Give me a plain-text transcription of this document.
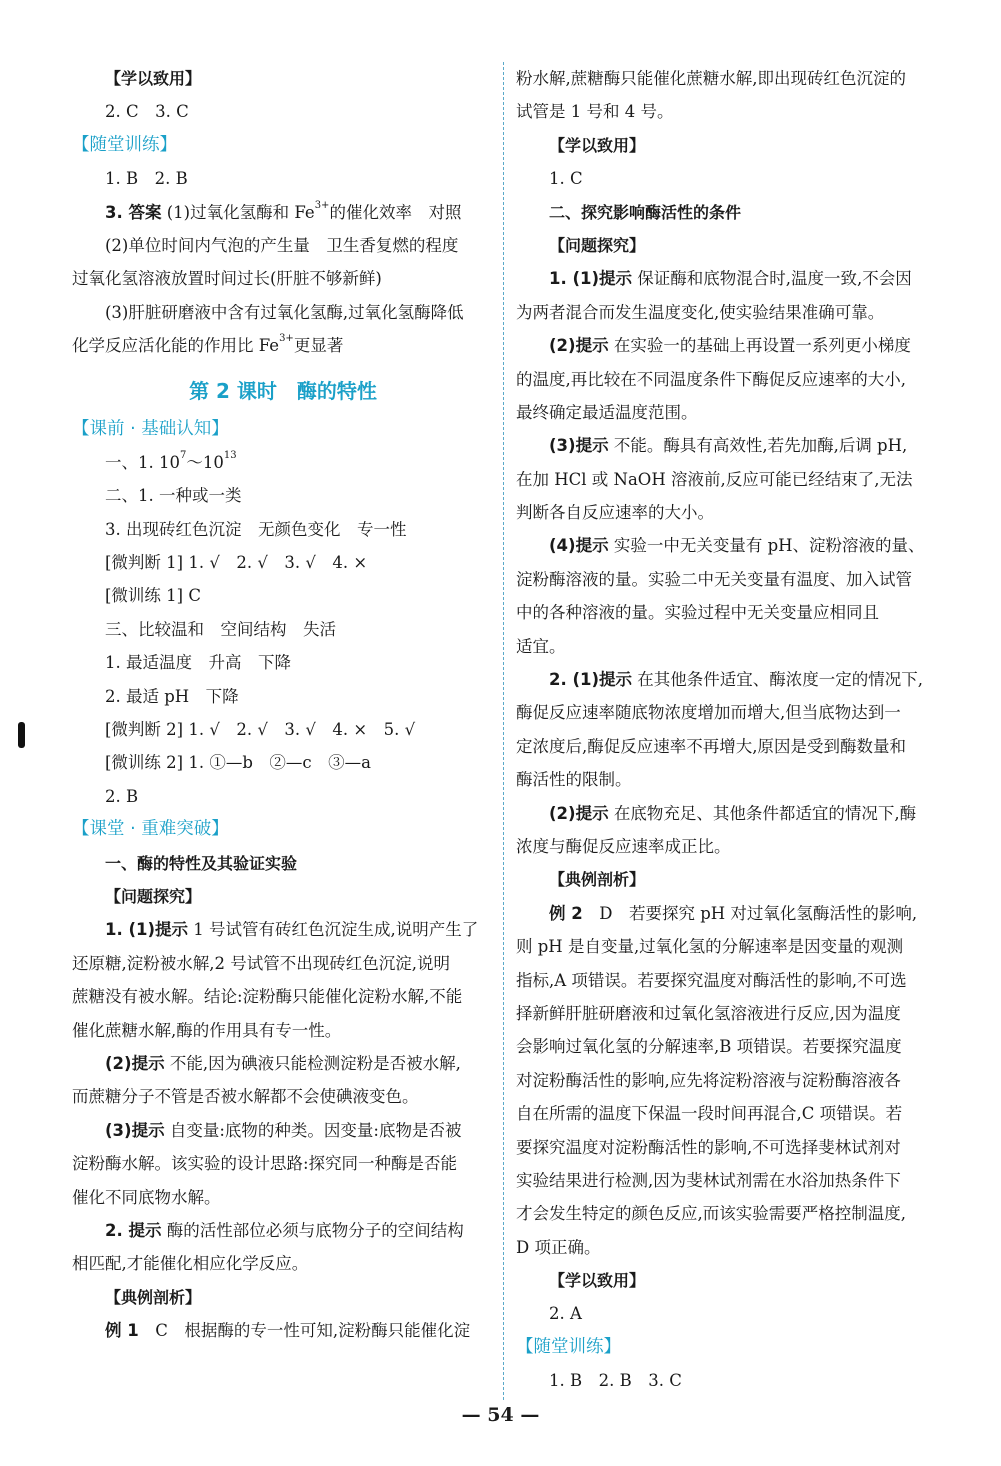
【学以致用】
2. C　3. C
【随堂训练】
1. B　2. B
3. 答案 (1)过氧化氢酶和 $Fe^{3+}$的催化效率　对照
(2)单位时间内气泡的产生量　卫生香复燃的程度
过氧化氢溶液放置时间过长(肝脏不够新鲜)
(3)肝脏研磨液中含有过氧化氢酶,过氧化氢酶降低
化学反应活化能的作用比 $Fe^{3+}$更显著
第 2 课时　酶的特性
【课前 · 基础认知】
一、1. $10^7\sim 10^{13}$
二、1. 一种或一类
3. 出现砖红色沉淀　无颜色变化　专一性
[微判断 1] 1. √　2. √　3. √　4. ×
[微训练 1] C
三、比较温和　空间结构　失活
1. 最适温度　升高　下降
2. 最适 pH　下降
[微判断 2] 1. √　2. √　3. √　4. ×　5. √
[微训练 2] 1. ①—b　②—c　③—a
2. B
【课堂 · 重难突破】
一、酶的特性及其验证实验
【问题探究】
1. (1)提示 1 号试管有砖红色沉淀生成,说明产生了
还原糖,淀粉被水解,2 号试管不出现砖红色沉淀,说明
蔗糖没有被水解。结论:淀粉酶只能催化淀粉水解,不能
催化蔗糖水解,酶的作用具有专一性。
(2)提示 不能,因为碘液只能检测淀粉是否被水解,
而蔗糖分子不管是否被水解都不会使碘液变色。
(3)提示 自变量:底物的种类。因变量:底物是否被
淀粉酶水解。该实验的设计思路:探究同一种酶是否能
催化不同底物水解。
2. 提示 酶的活性部位必须与底物分子的空间结构
相匹配,才能催化相应化学反应。
【典例剖析】
例 1　C　根据酶的专一性可知,淀粉酶只能催化淀
粉水解,蔗糖酶只能催化蔗糖水解,即出现砖红色沉淀的
试管是 1 号和 4 号。
【学以致用】
1. C
二、探究影响酶活性的条件
【问题探究】
1. (1)提示 保证酶和底物混合时,温度一致,不会因
为两者混合而发生温度变化,使实验结果准确可靠。
(2)提示 在实验一的基础上再设置一系列更小梯度
的温度,再比较在不同温度条件下酶促反应速率的大小,
最终确定最适温度范围。
(3)提示 不能。酶具有高效性,若先加酶,后调 pH,
在加 HCl 或 NaOH 溶液前,反应可能已经结束了,无法
判断各自反应速率的大小。
(4)提示 实验一中无关变量有 pH、淀粉溶液的量、
淀粉酶溶液的量。实验二中无关变量有温度、加入试管
中的各种溶液的量。实验过程中无关变量应相同且
适宜。
2. (1)提示 在其他条件适宜、酶浓度一定的情况下,
酶促反应速率随底物浓度增加而增大,但当底物达到一
定浓度后,酶促反应速率不再增大,原因是受到酶数量和
酶活性的限制。
(2)提示 在底物充足、其他条件都适宜的情况下,酶
浓度与酶促反应速率成正比。
【典例剖析】
例 2　D　若要探究 pH 对过氧化氢酶活性的影响,
则 pH 是自变量,过氧化氢的分解速率是因变量的观测
指标,A 项错误。若要探究温度对酶活性的影响,不可选
择新鲜肝脏研磨液和过氧化氢溶液进行反应,因为温度
会影响过氧化氢的分解速率,B 项错误。若要探究温度
对淀粉酶活性的影响,应先将淀粉溶液与淀粉酶溶液各
自在所需的温度下保温一段时间再混合,C 项错误。若
要探究温度对淀粉酶活性的影响,不可选择斐林试剂对
实验结果进行检测,因为斐林试剂需在水浴加热条件下
才会发生特定的颜色反应,而该实验需要严格控制温度,
D 项正确。
【学以致用】
2. A
【随堂训练】
1. B　2. B　3. C
— 54 —
